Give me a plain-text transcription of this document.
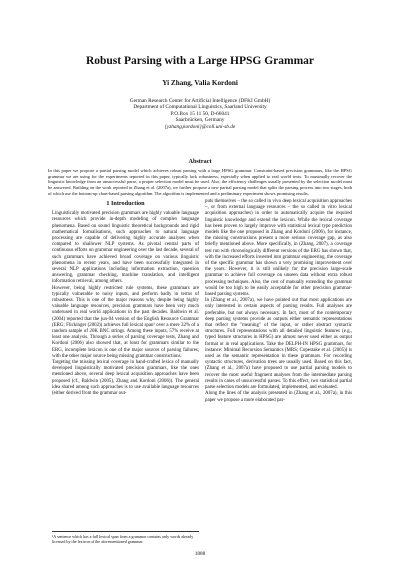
Robust Parsing with a Large HPSG Grammar
Yi Zhang, Valia Kordoni
German Research Center for Artificial Intelligence (DFKI GmbH)
Department of Computational Linguistics, Saarland University
P.O.Box 15 11 50, D-66041
Saarbrücken, Germany
{yzhang,kordoni}@coli.uni-sb.de
Abstract
In this paper we propose a partial parsing model which achieves robust parsing with a large HPSG grammar. Constraint-based precision grammars, like the HPSG grammar we are using for the experiments reported in this paper, typically lack robustness, especially when applied to real world texts. To maximally recover the linguistic knowledge from an unsuccessful parse, a proper selection model must be used. Also, the efficiency challenges usually presented by the selection model must be answered. Building on the work reported in Zhang et al. (2007a), we further propose a new partial parsing model that splits the parsing process into two stages, both of which use the bottom-up chart-based parsing algorithm. The algorithm is implemented and a preliminary experiment shows promising results.
1 Introduction

Linguistically motivated precision grammars are highly valuable language resources which provide in-depth modeling of complex language phenomena. Based on sound linguistic theoretical backgrounds and rigid mathematical formalisations, such approaches to natural language processing are capable of delivering highly accurate analyses when compared to shallower NLP systems. As pivotal central parts of continuous efforts on grammar engineering over the last decade, several of such grammars have achieved broad coverage on various linguistic phenomena in recent years, and have been successfully integrated in several NLP applications including information extraction, question answering, grammar checking, machine translation, and intelligent information retrieval, among others.

However, being highly restricted rule systems, these grammars are typically vulnerable to noisy inputs, and perform badly in terms of robustness. This is one of the major reasons why, despite being highly valuable language resources, precision grammars have been very much underused in real world applications in the past decades. Baldwin et al. (2004) reported that the jun-04 version of the English Resource Grammar (ERG; Flickinger (2002)) achieves full lexical span¹ over a mere 32% of a random sample of 20K BNC strings. Among these inputs, 57% receive at least one analysis. Through a series of parsing coverage tests, Zhang and Kordoni (2006) also showed that, at least for grammars similar to the ERG, incomplete lexicon is one of the major sources of parsing failures, with the other major source being missing grammar constructions.

Targeting the missing lexical coverage in hand-crafted lexica of manually developed linguistically motivated precision grammars, like the ones mentioned above, several deep lexical acquisition approaches have been proposed (cf., Baldwin (2005), Zhang and Kordoni (2006)). The general idea shared among such approaches is to use available language resources (either derived from the grammar out-

puts themselves – the so called in vivo deep lexical acquisition approaches –, or from external language resources – the so called in vitro lexical acquisition approaches) in order to automatically acquire the required linguistic knowledge and extend the lexicon. While the lexical coverage has been proven to largely improve with statistical lexical type prediction models like the one proposed in Zhang and Kordoni (2006), for instance, the missing constructions present a more serious coverage gap, as also briefly mentioned above. More specifically, in (Zhang, 2007), a coverage test run with chronologically different versions of the ERG has shown that, with the increased efforts invested into grammar engineering, the coverage of the specific grammar has shown a very promising improvement over the years. However, it is still unlikely for the precision large-scale grammar to achieve full coverage on unseen data without extra robust processing techniques. Also, the cost of manually extending the grammar would be too high to be easily acceptable for other precision grammar-based parsing systems.

In (Zhang et al., 2007a), we have pointed out that most applications are only interested in certain aspects of parsing results. Full analyses are preferable, but not always necessary. In fact, most of the contemporary deep parsing systems provide as outputs either semantic representations that reflect the "meaning" of the input, or rather abstract syntactic structures. Full representations with all detailed linguistic features (e.g., typed feature structures in HPSG) are almost never used either as output format or in real applications. Take the DELPH-IN HPSG grammars, for instance: Minimal Recursion Semantics (MRS; Copestake et al. (2005)) is used as the semantic representation in these grammars. For recording syntactic structures, derivation trees are usually used. Based on this fact, (Zhang et al., 2007a) have proposed to use partial parsing models to recover the most useful fragment analyses from the intermediate parsing results in cases of unsuccessful parses. To this effect, two statistical partial parse selection models are formulated, implemented, and evaluated.

Along the lines of the analysis presented in (Zhang et al., 2007a), in this paper we propose a more elaborated par-

¹A sentence which has a full lexical span from a grammar contains only words already licensed by the lexicon of the aforementioned grammar.
1888
